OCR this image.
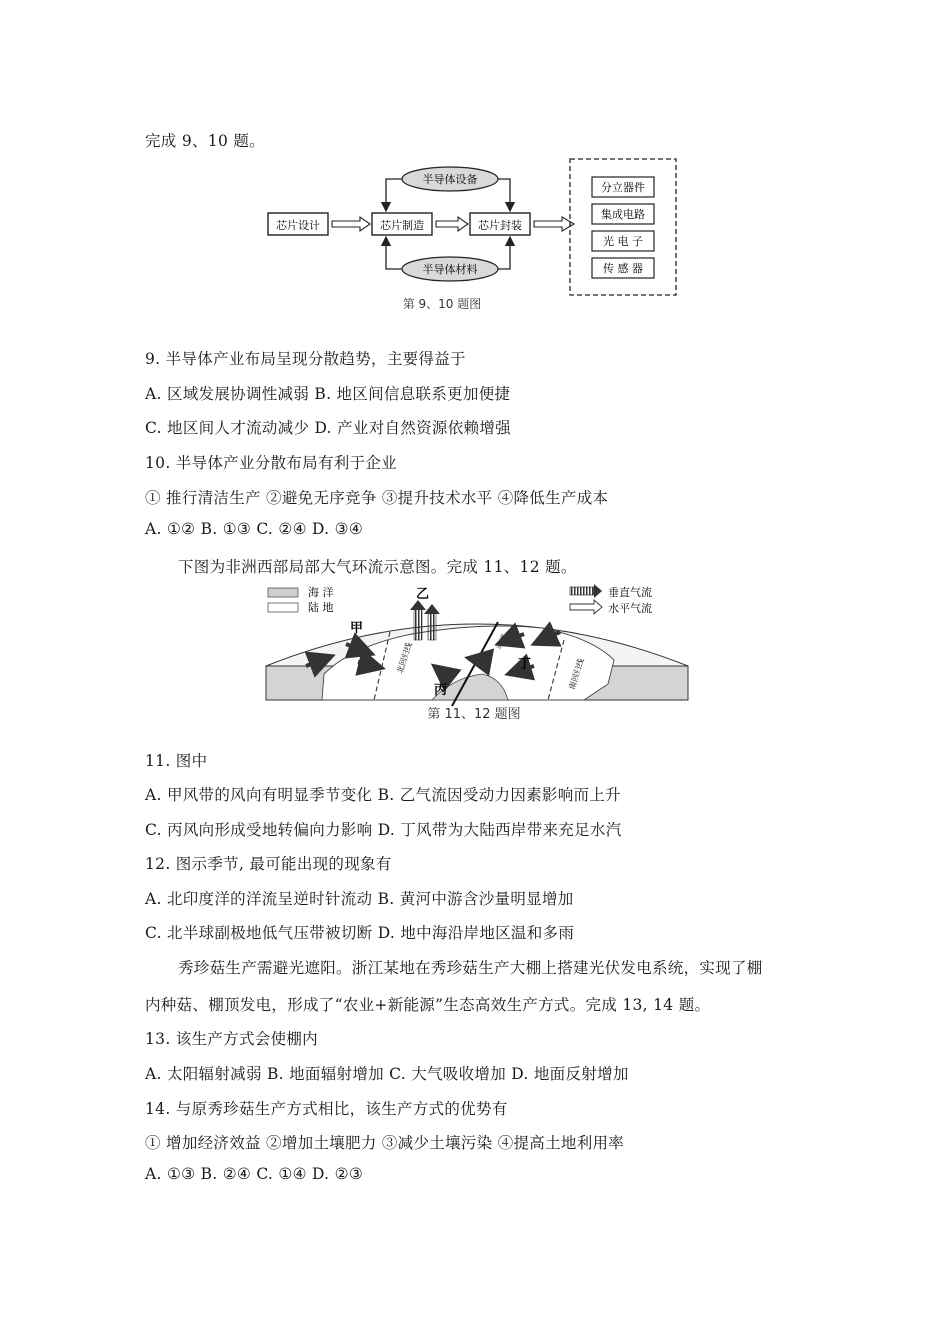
完成 9、10 题。
芯片设计	芯片制造	芯片封装
半导体设备
半导体材料
分立器件
集成电路
光 电 子
传 感 器
第 9、10 题图
9. 半导体产业布局呈现分散趋势，主要得益于
A. 区域发展协调性减弱 B. 地区间信息联系更加便捷
C. 地区间人才流动减少 D. 产业对自然资源依赖增强
10. 半导体产业分散布局有利于企业
① 推行清洁生产 ②避免无序竞争 ③提升技术水平 ④降低生产成本
A. ①② B. ①③ C. ②④ D. ③④
下图为非洲西部局部大气环流示意图。完成 11、12 题。
海 洋
陆 地
垂直气流
水平气流
北回归线	赤道
南回归线
甲
乙
丙
丁
第 11、12 题图
11. 图中
A. 甲风带的风向有明显季节变化 B. 乙气流因受动力因素影响而上升
C. 丙风向形成受地转偏向力影响 D. 丁风带为大陆西岸带来充足水汽
12. 图示季节, 最可能出现的现象有
A. 北印度洋的洋流呈逆时针流动 B. 黄河中游含沙量明显增加
C. 北半球副极地低气压带被切断 D. 地中海沿岸地区温和多雨
秀珍菇生产需避光遮阳。浙江某地在秀珍菇生产大棚上搭建光伏发电系统，实现了棚
内种菇、棚顶发电，形成了“农业+新能源”生态高效生产方式。完成 13, 14 题。
13. 该生产方式会使棚内
A. 太阳辐射减弱 B. 地面辐射增加 C. 大气吸收增加 D. 地面反射增加
14. 与原秀珍菇生产方式相比，该生产方式的优势有
① 增加经济效益 ②增加土壤肥力 ③减少土壤污染 ④提高土地利用率
A. ①③ B. ②④ C. ①④ D. ②③
